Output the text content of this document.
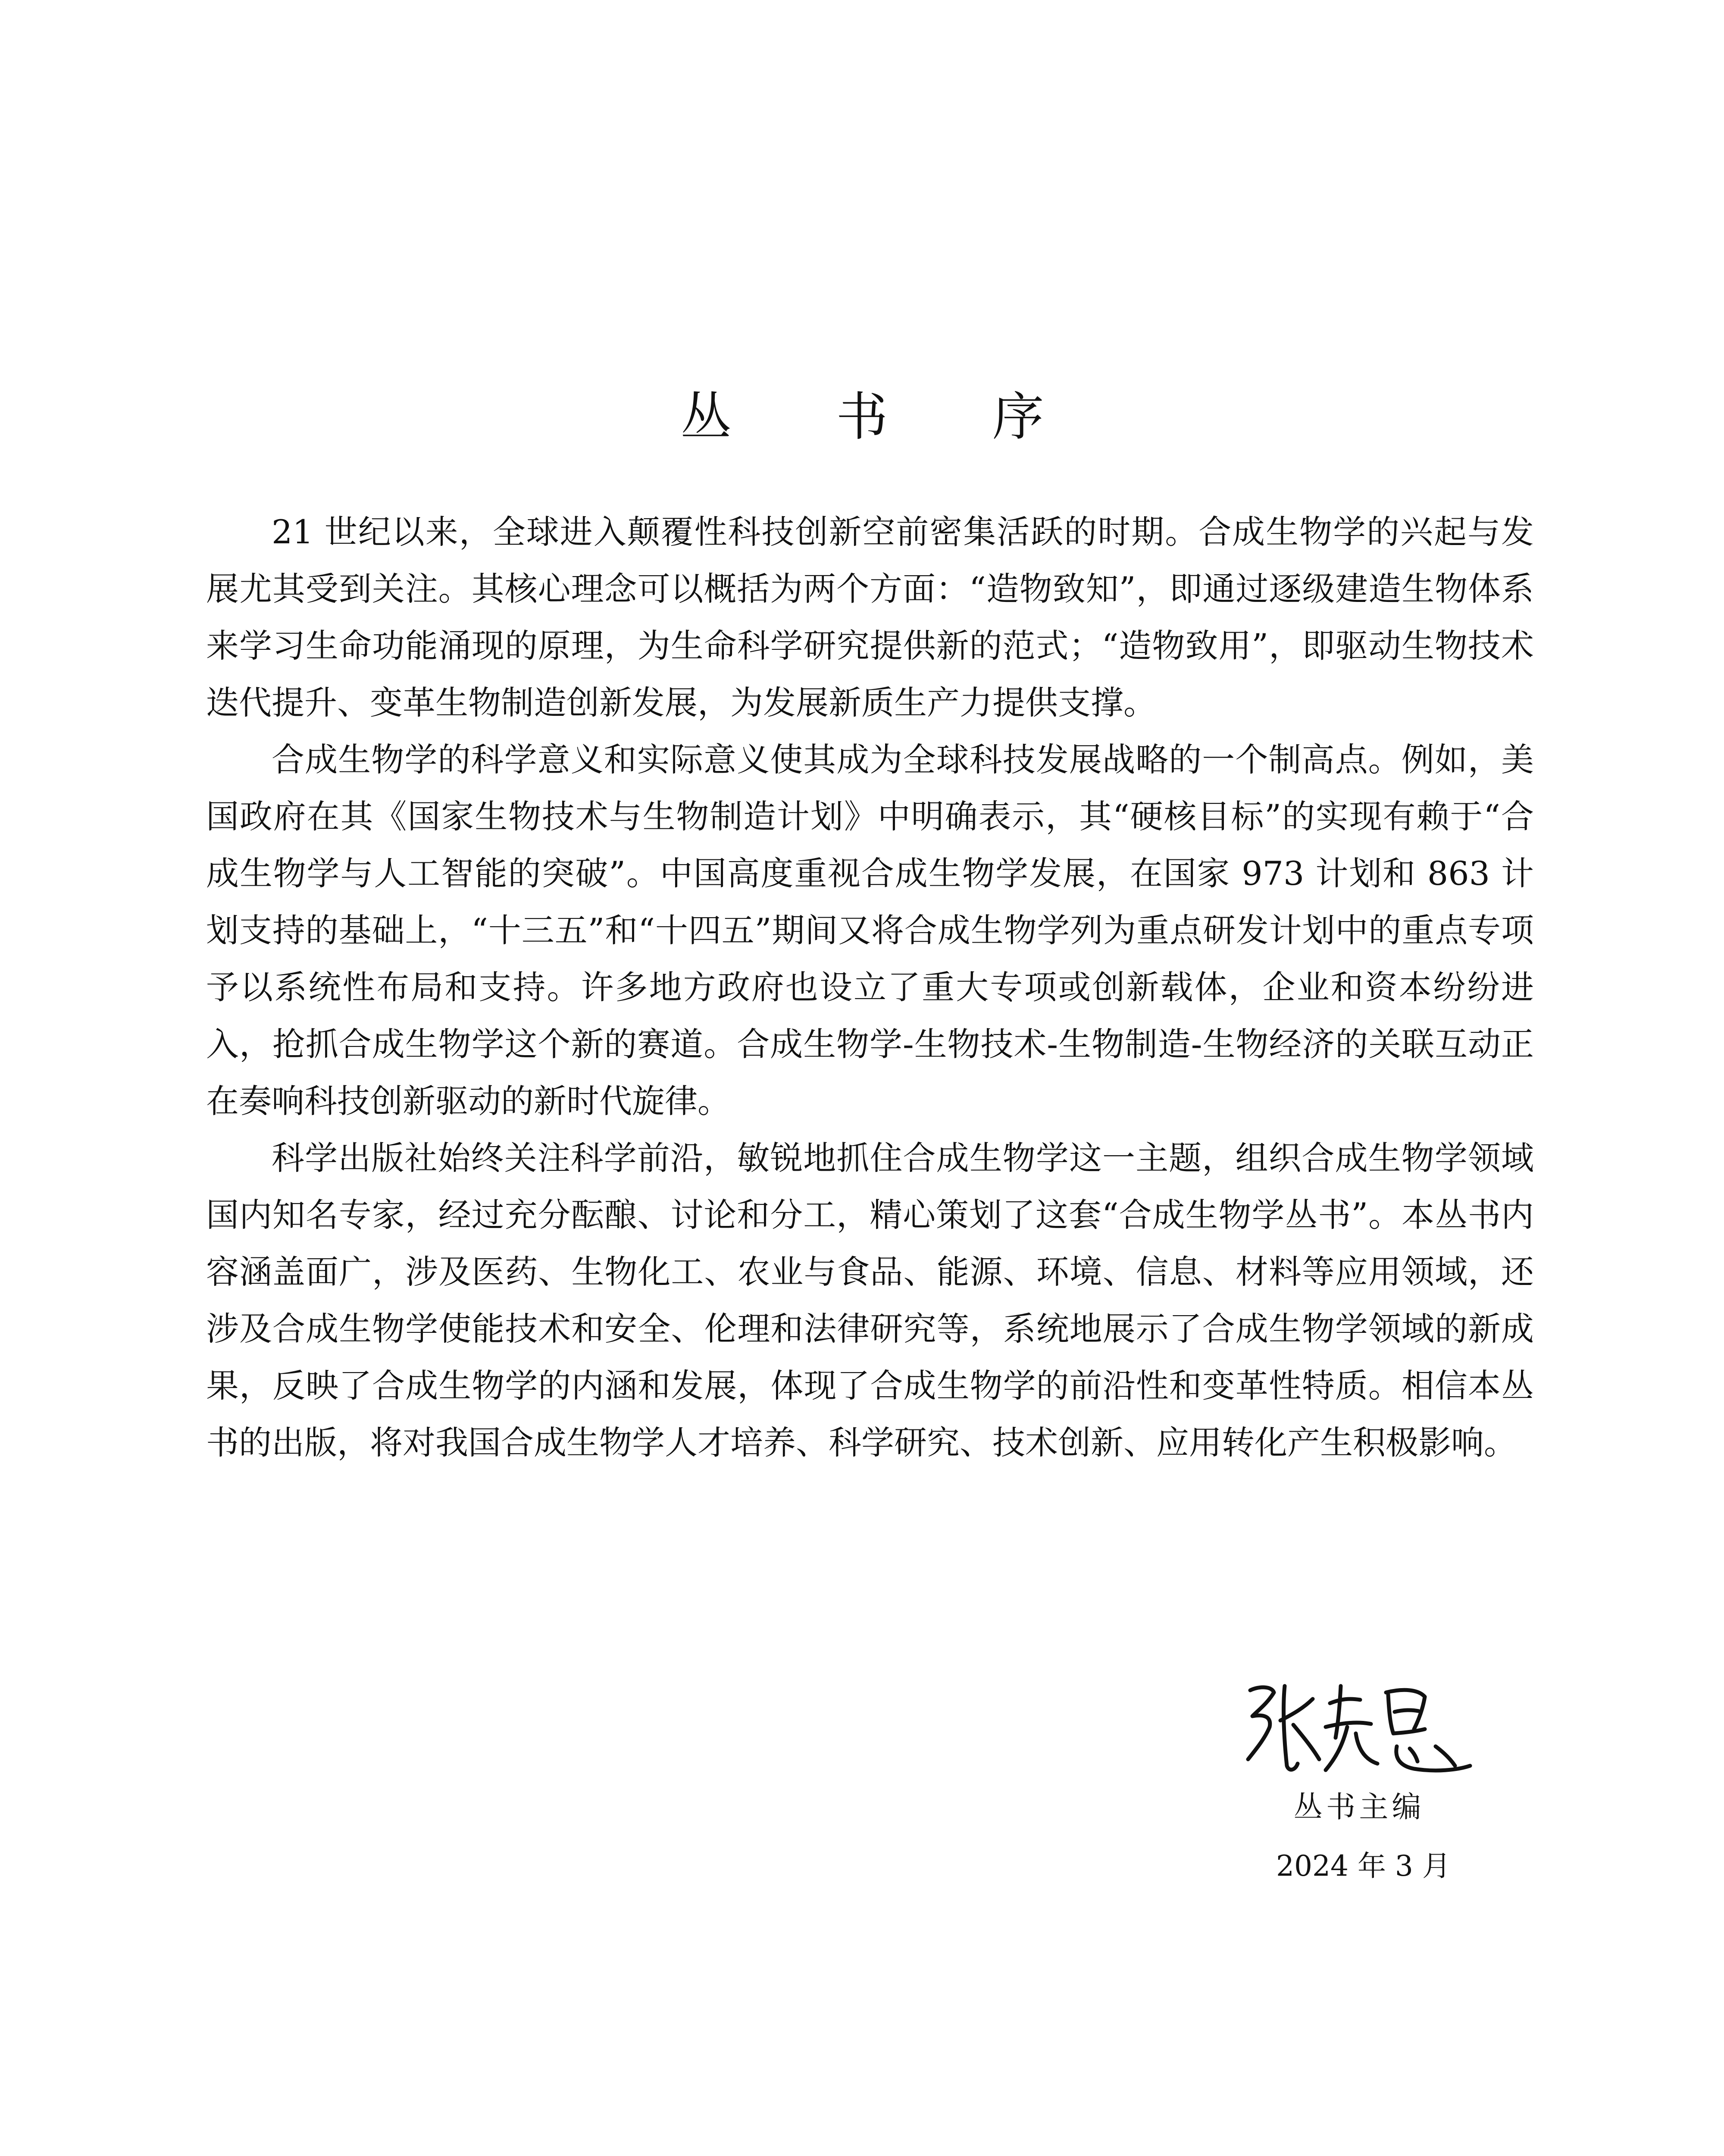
丛 书 序

21 世纪以来，全球进入颠覆性科技创新空前密集活跃的时期。合成生物学的兴起与发展尤其受到关注。其核心理念可以概括为两个方面：“造物致知”，即通过逐级建造生物体系来学习生命功能涌现的原理，为生命科学研究提供新的范式；“造物致用”，即驱动生物技术迭代提升、变革生物制造创新发展，为发展新质生产力提供支撑。

合成生物学的科学意义和实际意义使其成为全球科技发展战略的一个制高点。例如，美国政府在其《国家生物技术与生物制造计划》中明确表示，其“硬核目标”的实现有赖于“合成生物学与人工智能的突破”。中国高度重视合成生物学发展，在国家 973 计划和 863 计划支持的基础上，“十三五”和“十四五”期间又将合成生物学列为重点研发计划中的重点专项予以系统性布局和支持。许多地方政府也设立了重大专项或创新载体，企业和资本纷纷进入，抢抓合成生物学这个新的赛道。合成生物学-生物技术-生物制造-生物经济的关联互动正在奏响科技创新驱动的新时代旋律。

科学出版社始终关注科学前沿，敏锐地抓住合成生物学这一主题，组织合成生物学领域国内知名专家，经过充分酝酿、讨论和分工，精心策划了这套“合成生物学丛书”。本丛书内容涵盖面广，涉及医药、生物化工、农业与食品、能源、环境、信息、材料等应用领域，还涉及合成生物学使能技术和安全、伦理和法律研究等，系统地展示了合成生物学领域的新成果，反映了合成生物学的内涵和发展，体现了合成生物学的前沿性和变革性特质。相信本丛书的出版，将对我国合成生物学人才培养、科学研究、技术创新、应用转化产生积极影响。

丛书主编
2024 年 3 月
